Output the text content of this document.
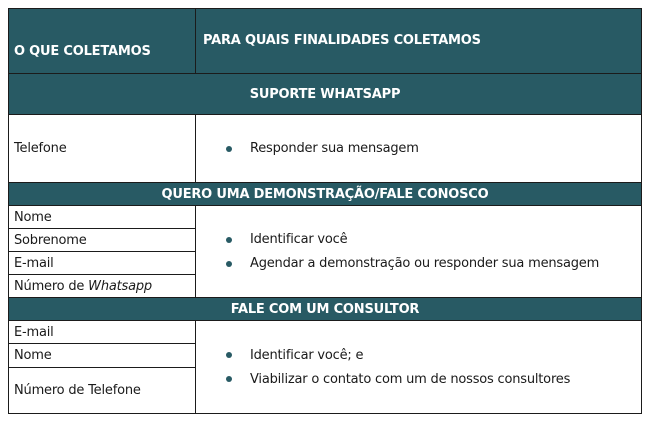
O QUE COLETAMOS
PARA QUAIS FINALIDADES COLETAMOS
SUPORTE WHATSAPP
Telefone	Responder sua mensagem
QUERO UMA DEMONSTRAÇÃO/FALE CONOSCO
Nome
Sobrenome
E-mail
Número de
Whatsapp
Identificar você
Agendar a demonstração ou responder sua mensagem
FALE COM UM CONSULTOR
E-mail
Nome
Número de Telefone
Identificar você; e
Viabilizar o contato com um de nossos consultores
